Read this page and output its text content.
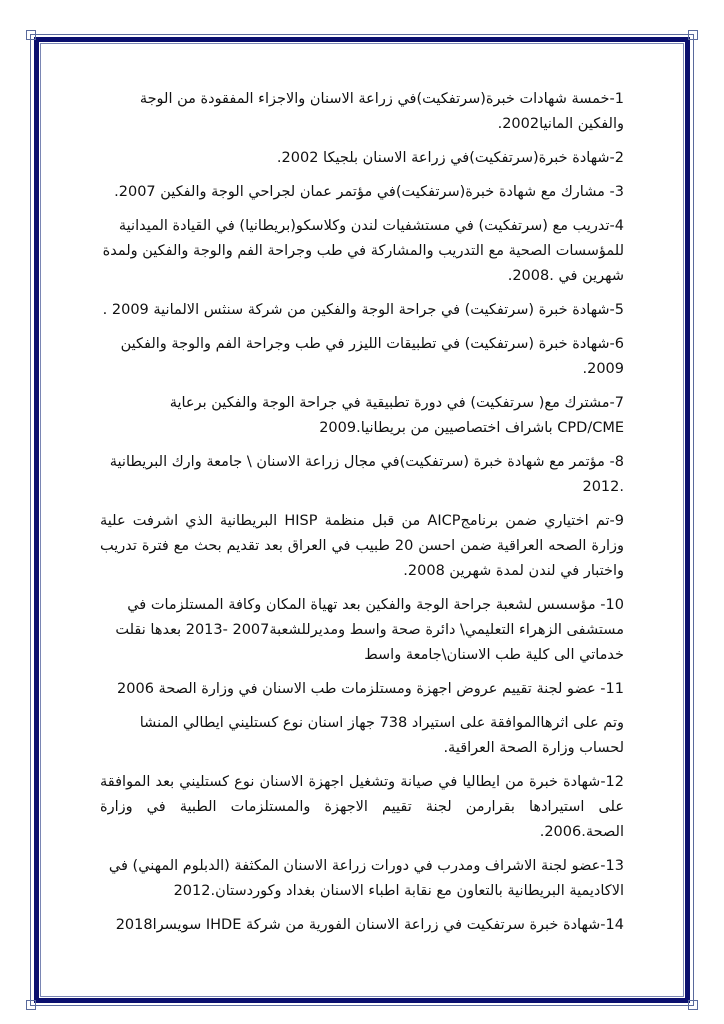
1-خمسة شهادات خبرة(سرتفكيت)في زراعة الاسنان والاجزاء المفقودة من الوجة والفكين المانيا2002.

2-شهادة خبرة(سرتفكيت)في زراعة الاسنان بلجيكا 2002.

3- مشارك مع شهادة خبرة(سرتفكيت)في مؤتمر عمان لجراحي الوجة والفكين 2007.

4-تدريب مع (سرتفكيت) في مستشفيات لندن وكلاسكو(بريطانيا) في القيادة الميدانية للمؤسسات الصحية مع التدريب والمشاركة في طب وجراحة الفم والوجة والفكين ولمدة شهرين في .2008.

5-شهادة خبرة (سرتفكيت) في جراحة الوجة والفكين من شركة سنثس الالمانية 2009 .

6-شهادة خبرة (سرتفكيت) في تطبيقات الليزر في طب وجراحة الفم والوجة والفكين 2009.

7-مشترك مع( سرتفكيت) في دورة تطبيقية في جراحة الوجة والفكين برعاية CPD/CME باشراف اختصاصيين من بريطانيا.2009

8- مؤتمر مع شهادة خبرة (سرتفكيت)في مجال زراعة الاسنان \ جامعة وارك البريطانية .2012

9-تم اختياري ضمن برنامجAICP من قبل منظمة HISP البريطانية الذي اشرفت علية وزارة الصحه العراقية ضمن احسن 20 طبيب في العراق بعد تقديم بحث مع فترة تدريب واختبار في لندن لمدة شهرين 2008.

10- مؤسسس لشعبة جراحة الوجة والفكين بعد تهياة المكان وكافة المستلزمات في مستشفى الزهراء التعليمي\ دائرة صحة واسط ومديرللشعبة2007 -2013 بعدها نقلت خدماتي الى كلية طب الاسنان\جامعة واسط

11- عضو لجنة تقييم عروض اجهزة ومستلزمات طب الاسنان في وزارة الصحة 2006

وتم على اثرهاالموافقة على استيراد 738 جهاز اسنان نوع كستليني ايطالي المنشا لحساب وزارة الصحة العراقية.

12-شهادة خبرة من ايطاليا في صيانة وتشغيل اجهزة الاسنان نوع كستليني بعد الموافقة على استيرادها بقرارمن لجنة تقييم الاجهزة والمستلزمات الطبية في وزارة الصحة.2006.

13-عضو لجنة الاشراف ومدرب في دورات زراعة الاسنان المكثفة (الدبلوم المهني) في الاكاديمية البريطانية بالتعاون مع نقابة اطباء الاسنان بغداد وكوردستان.2012

14-شهادة خبرة سرتفكيت في زراعة الاسنان الفورية من شركة IHDE سويسرا2018
